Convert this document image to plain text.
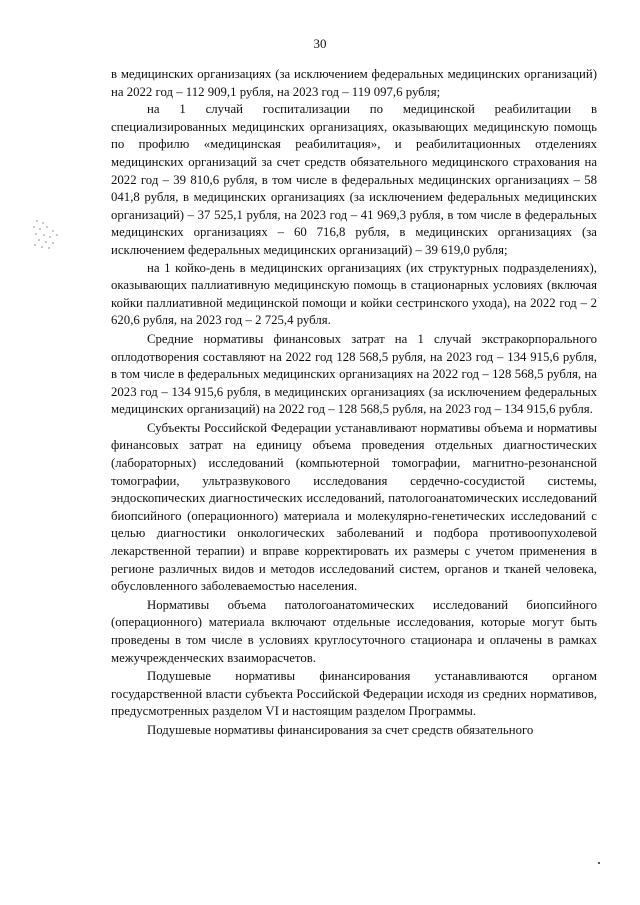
30

в медицинских организациях (за исключением федеральных медицинских организаций) на 2022 год – 112 909,1 рубля, на 2023 год – 119 097,6 рубля;

на 1 случай госпитализации по медицинской реабилитации в специализированных медицинских организациях, оказывающих медицинскую помощь по профилю «медицинская реабилитация», и реабилитационных отделениях медицинских организаций за счет средств обязательного медицинского страхования на 2022 год – 39 810,6 рубля, в том числе в федеральных медицинских организациях – 58 041,8 рубля, в медицинских организациях (за исключением федеральных медицинских организаций) – 37 525,1 рубля, на 2023 год – 41 969,3 рубля, в том числе в федеральных медицинских организациях – 60 716,8 рубля, в медицинских организациях (за исключением федеральных медицинских организаций) – 39 619,0 рубля;

на 1 койко-день в медицинских организациях (их структурных подразделениях), оказывающих паллиативную медицинскую помощь в стационарных условиях (включая койки паллиативной медицинской помощи и койки сестринского ухода), на 2022 год – 2 620,6 рубля, на 2023 год – 2 725,4 рубля.

Средние нормативы финансовых затрат на 1 случай экстракорпорального оплодотворения составляют на 2022 год 128 568,5 рубля, на 2023 год – 134 915,6 рубля, в том числе в федеральных медицинских организациях на 2022 год – 128 568,5 рубля, на 2023 год – 134 915,6 рубля, в медицинских организациях (за исключением федеральных медицинских организаций) на 2022 год – 128 568,5 рубля, на 2023 год – 134 915,6 рубля.

Субъекты Российской Федерации устанавливают нормативы объема и нормативы финансовых затрат на единицу объема проведения отдельных диагностических (лабораторных) исследований (компьютерной томографии, магнитно-резонансной томографии, ультразвукового исследования сердечно-сосудистой системы, эндоскопических диагностических исследований, патологоанатомических исследований биопсийного (операционного) материала и молекулярно-генетических исследований с целью диагностики онкологических заболеваний и подбора противоопухолевой лекарственной терапии) и вправе корректировать их размеры с учетом применения в регионе различных видов и методов исследований систем, органов и тканей человека, обусловленного заболеваемостью населения.

Нормативы объема патологоанатомических исследований биопсийного (операционного) материала включают отдельные исследования, которые могут быть проведены в том числе в условиях круглосуточного стационара и оплачены в рамках межучрежденческих взаиморасчетов.

Подушевые нормативы финансирования устанавливаются органом государственной власти субъекта Российской Федерации исходя из средних нормативов, предусмотренных разделом VI и настоящим разделом Программы.

Подушевые нормативы финансирования за счет средств обязательного
